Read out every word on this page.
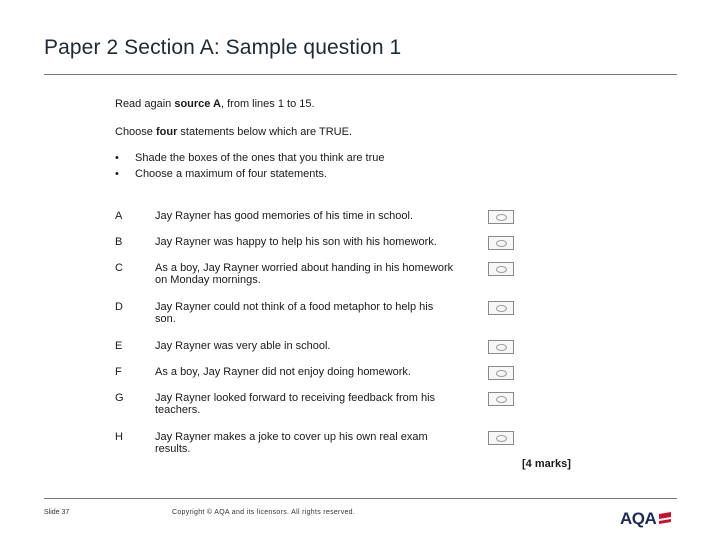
Paper 2 Section A: Sample question 1
Read again source A, from lines 1 to 15.
Choose four statements below which are TRUE.
•	Shade the boxes of the ones that you think are true
•	Choose a maximum of four statements.
A	Jay Rayner has good memories of his time in school.
B	Jay Rayner was happy to help his son with his homework.
C	As a boy, Jay Rayner worried about handing in his homework on Monday mornings.
D	Jay Rayner could not think of a food metaphor to help his son.
E	Jay Rayner was very able in school.
F	As a boy, Jay Rayner did not enjoy doing homework.
G	Jay Rayner looked forward to receiving feedback from his teachers.
H	Jay Rayner makes a joke to cover up his own real exam results.
[4 marks]
Slide 37	Copyright © AQA and its licensors. All rights reserved.	AQA
